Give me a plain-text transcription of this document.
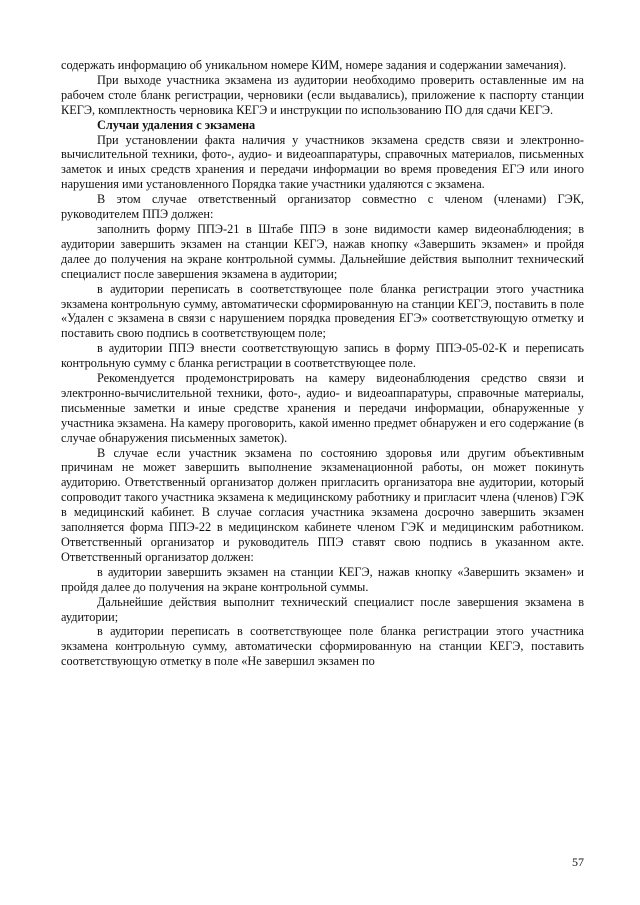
содержать информацию об уникальном номере КИМ, номере задания и содержании замечания).

При выходе участника экзамена из аудитории необходимо проверить оставленные им на рабочем столе бланк регистрации, черновики (если выдавались), приложение к паспорту станции КЕГЭ, комплектность черновика КЕГЭ и инструкции по использованию ПО для сдачи КЕГЭ.

Случаи удаления с экзамена

При установлении факта наличия у участников экзамена средств связи и электронно-вычислительной техники, фото-, аудио- и видеоаппаратуры, справочных материалов, письменных заметок и иных средств хранения и передачи информации во время проведения ЕГЭ или иного нарушения ими установленного Порядка такие участники удаляются с экзамена.

В этом случае ответственный организатор совместно с членом (членами) ГЭК, руководителем ППЭ должен:

заполнить форму ППЭ-21 в Штабе ППЭ в зоне видимости камер видеонаблюдения; в аудитории завершить экзамен на станции КЕГЭ, нажав кнопку «Завершить экзамен» и пройдя далее до получения на экране контрольной суммы. Дальнейшие действия выполнит технический специалист после завершения экзамена в аудитории;

в аудитории переписать в соответствующее поле бланка регистрации этого участника экзамена контрольную сумму, автоматически сформированную на станции КЕГЭ, поставить в поле «Удален с экзамена в связи с нарушением порядка проведения ЕГЭ» соответствующую отметку и поставить свою подпись в соответствующем поле;

в аудитории ППЭ внести соответствующую запись в форму ППЭ-05-02-К и переписать контрольную сумму с бланка регистрации в соответствующее поле.

Рекомендуется продемонстрировать на камеру видеонаблюдения средство связи и электронно-вычислительной техники, фото-, аудио- и видеоаппаратуры, справочные материалы, письменные заметки и иные средстве хранения и передачи информации, обнаруженные у участника экзамена. На камеру проговорить, какой именно предмет обнаружен и его содержание (в случае обнаружения письменных заметок).

В случае если участник экзамена по состоянию здоровья или другим объективным причинам не может завершить выполнение экзаменационной работы, он может покинуть аудиторию. Ответственный организатор должен пригласить организатора вне аудитории, который сопроводит такого участника экзамена к медицинскому работнику и пригласит члена (членов) ГЭК в медицинский кабинет. В случае согласия участника экзамена досрочно завершить экзамен заполняется форма ППЭ-22 в медицинском кабинете членом ГЭК и медицинским работником. Ответственный организатор и руководитель ППЭ ставят свою подпись в указанном акте. Ответственный организатор должен:

в аудитории завершить экзамен на станции КЕГЭ, нажав кнопку «Завершить экзамен» и пройдя далее до получения на экране контрольной суммы.

Дальнейшие действия выполнит технический специалист после завершения экзамена в аудитории;

в аудитории переписать в соответствующее поле бланка регистрации этого участника экзамена контрольную сумму, автоматически сформированную на станции КЕГЭ, поставить соответствующую отметку в поле «Не завершил экзамен по

57
